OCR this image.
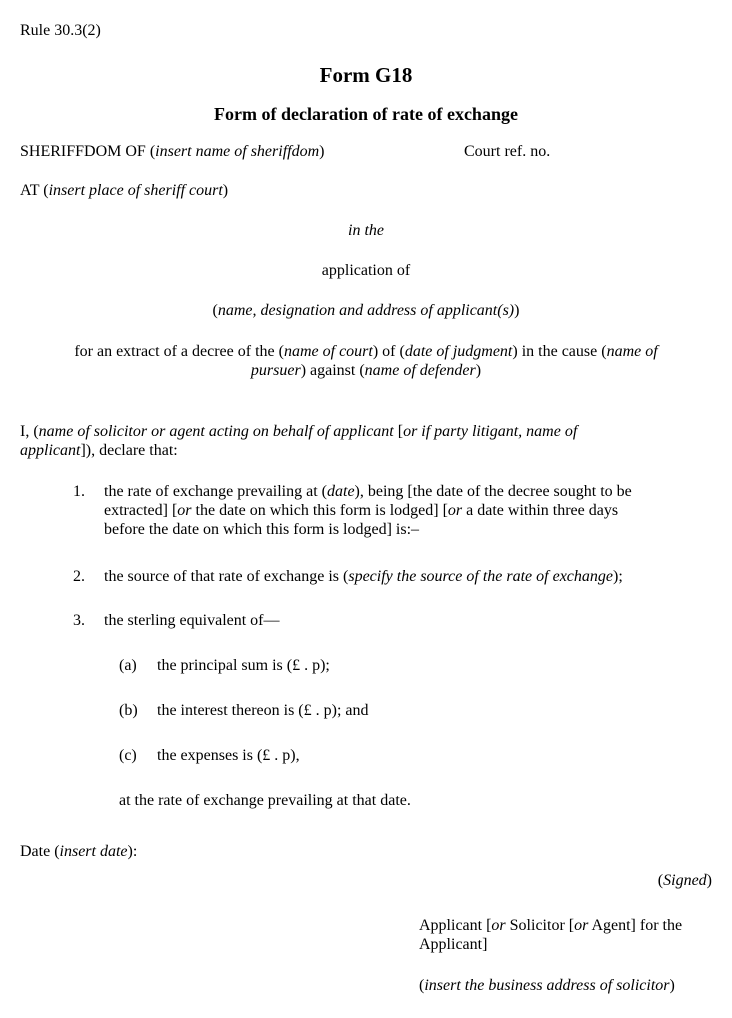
Rule 30.3(2)
Form G18
Form of declaration of rate of exchange
SHERIFFDOM OF (insert name of sheriffdom)	Court ref. no.
AT (insert place of sheriff court)
in the
application of
(name, designation and address of applicant(s))
for an extract of a decree of the (name of court) of (date of judgment) in the cause (name of
pursuer) against (name of defender)
I, (name of solicitor or agent acting on behalf of applicant [or if party litigant, name of
applicant]), declare that:
1. the rate of exchange prevailing at (date), being [the date of the decree sought to be
extracted] [or the date on which this form is lodged] [or a date within three days
before the date on which this form is lodged] is:–
2. the source of that rate of exchange is (specify the source of the rate of exchange);
3. the sterling equivalent of—
(a) the principal sum is (£ . p);
(b) the interest thereon is (£ . p); and
(c) the expenses is (£ . p),
at the rate of exchange prevailing at that date.
Date (insert date):
(Signed)
Applicant [or Solicitor [or Agent] for the
Applicant]
(insert the business address of solicitor)
